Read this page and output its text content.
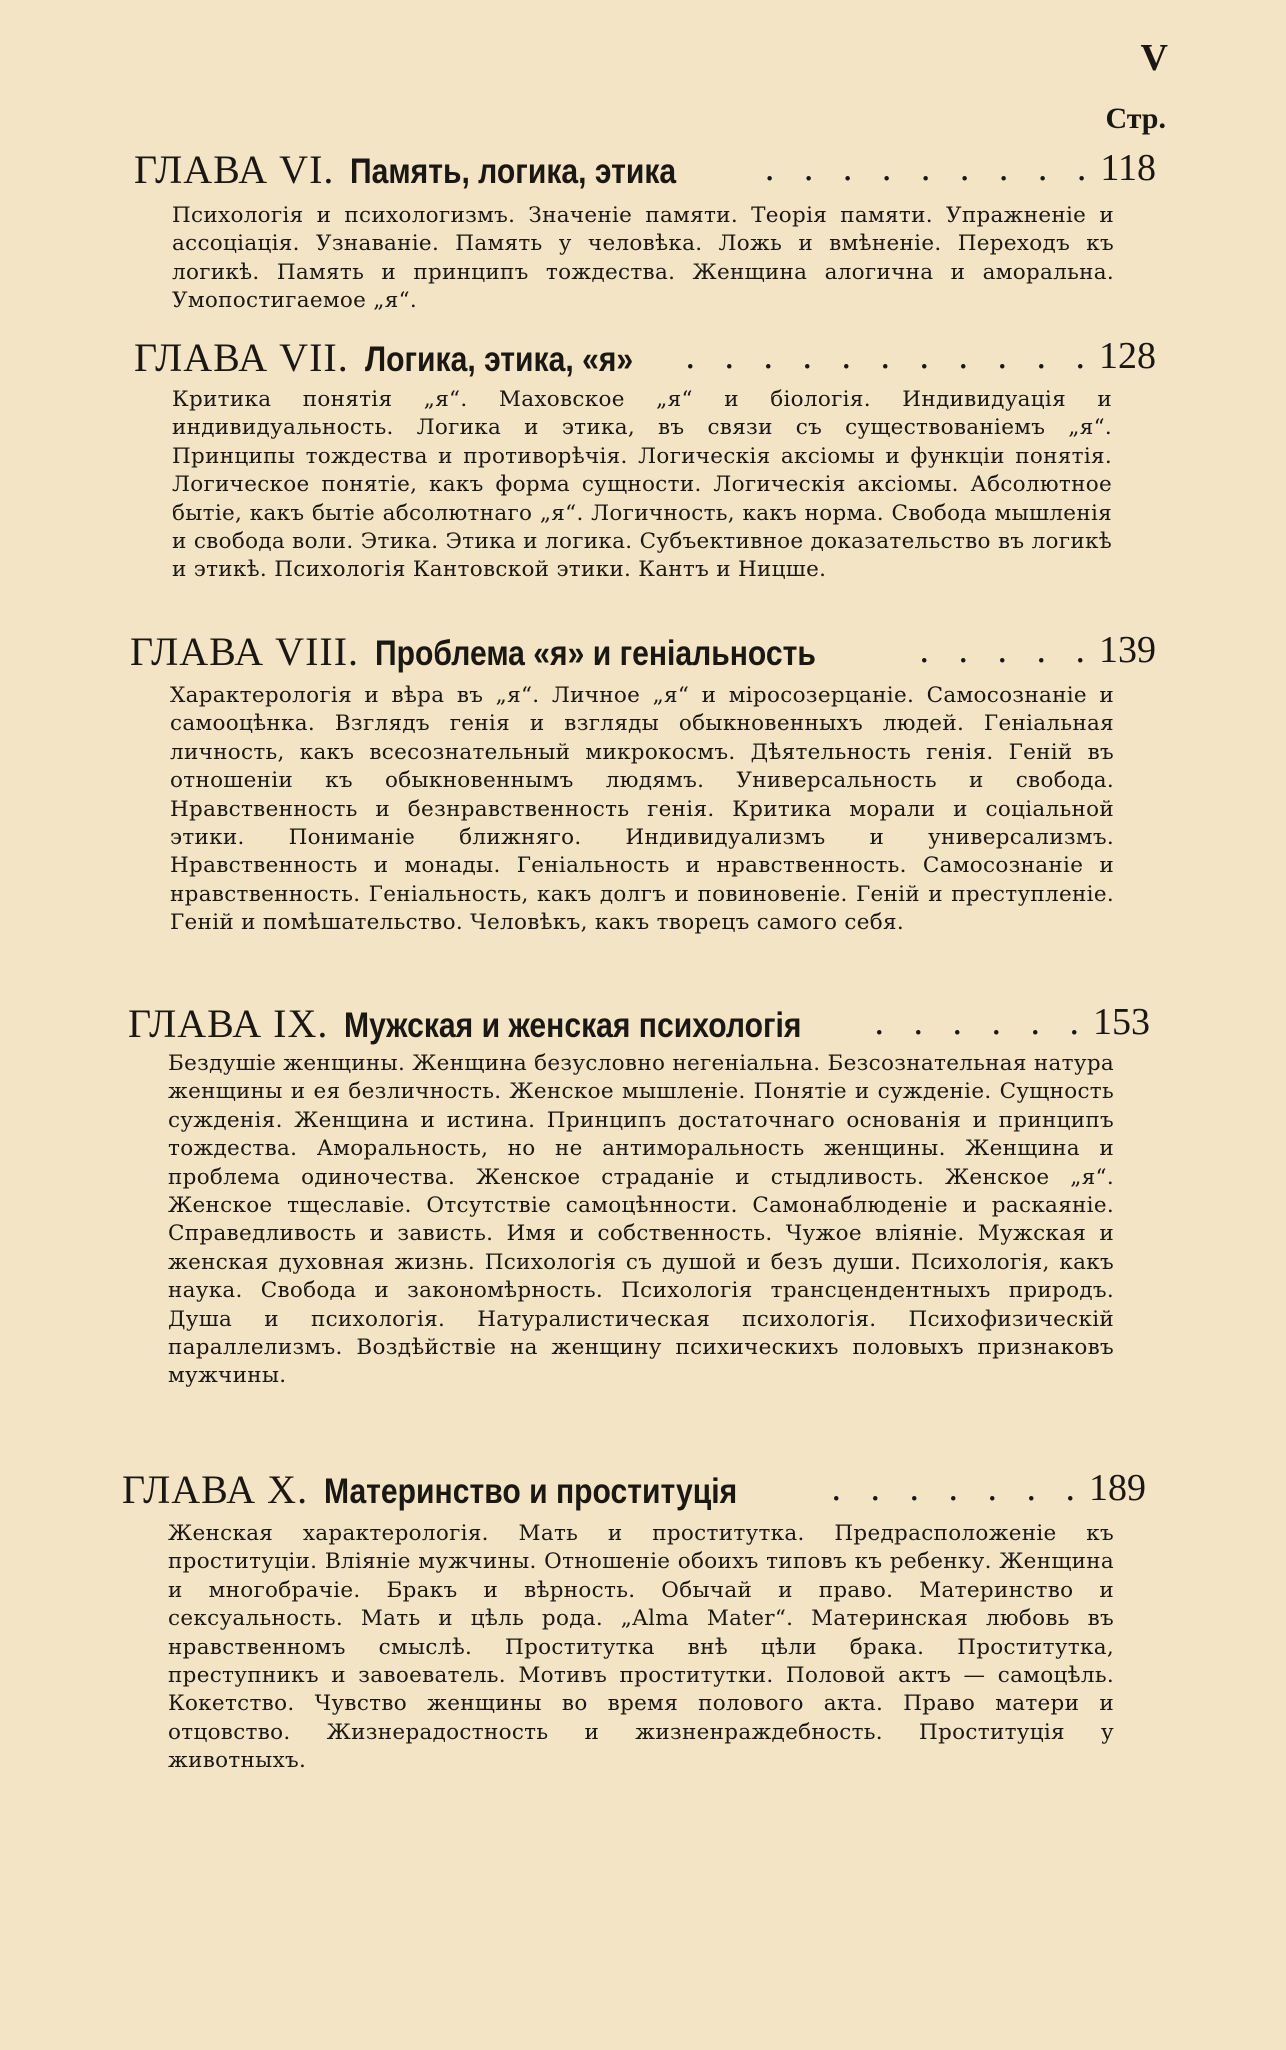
V
Стр.
ГЛАВА VI. Память, логика, этика . . . . . . . . . 118
Психологія и психологизмъ. Значеніе памяти. Теорія памяти. Упражненіе и ассоціація. Узнаваніе. Память у человѣка. Ложь и вмѣненіе. Переходъ къ логикѣ. Память и принципъ тождества. Женщина алогична и аморальна. Умопостигаемое „я“.
ГЛАВА VII. Логика, этика, «я» . . . . . . . . . . . 128
Критика понятія „я“. Маховское „я“ и біологія. Индивидуація и индивидуальность. Логика и этика, въ связи съ существованіемъ „я“. Принципы тождества и противорѣчія. Логическія аксіомы и функціи понятія. Логическое понятіе, какъ форма сущности. Логическія аксіомы. Абсолютное бытіе, какъ бытіе абсолютнаго „я“. Логичность, какъ норма. Свобода мышленія и свобода воли. Этика. Этика и логика. Субъективное доказательство въ логикѣ и этикѣ. Психологія Кантовской этики. Кантъ и Ницше.
ГЛАВА VIII. Проблема «я» и геніальность	. . . . . 139
Характерологія и вѣра въ „я“. Личное „я“ и міросозерцаніе. Самосознаніе и самооцѣнка. Взглядъ генія и взгляды обыкновенныхъ людей. Геніальная личность, какъ всесознательный микрокосмъ. Дѣятельность генія. Геній въ отношеніи къ обыкновеннымъ людямъ. Универсальность и свобода. Нравственность и безнравственность генія. Критика морали и соціальной этики. Пониманіе ближняго. Индивидуализмъ и универсализмъ. Нравственность и монады. Геніальность и нравственность. Самосознаніе и нравственность. Геніальность, какъ долгъ и повиновеніе. Геній и преступленіе. Геній и помѣшательство. Человѣкъ, какъ творецъ самого себя.
ГЛАВА IX. Мужская и женская психологія . . . . . . 153
Бездушіе женщины. Женщина безусловно негеніальна. Безсознательная натура женщины и ея безличность. Женское мышленіе. Понятіе и сужденіе. Сущность сужденія. Женщина и истина. Принципъ достаточнаго основанія и принципъ тождества. Аморальность, но не антиморальность женщины. Женщина и проблема одиночества. Женское страданіе и стыдливость. Женское „я“. Женское тщеславіе. Отсутствіе самоцѣнности. Самонаблюденіе и раскаяніе. Справедливость и зависть. Имя и собственность. Чужое вліяніе. Мужская и женская духовная жизнь. Психологія съ душой и безъ души. Психологія, какъ наука. Свобода и закономѣрность. Психологія трансцендентныхъ природъ. Душа и психологія. Натуралистическая психологія. Психофизическій параллелизмъ. Воздѣйствіе на женщину психическихъ половыхъ признаковъ мужчины.
ГЛАВА X. Материнство и проституція . . . . . . . 189
Женская характерологія. Мать и проститутка. Предрасположеніе къ проституціи. Вліяніе мужчины. Отношеніе обоихъ типовъ къ ребенку. Женщина и многобрачіе. Бракъ и вѣрность. Обычай и право. Материнство и сексуальность. Мать и цѣль рода. „Alma Mater“. Материнская любовь въ нравственномъ смыслѣ. Проститутка внѣ цѣли брака. Проститутка, преступникъ и завоеватель. Мотивъ проститутки. Половой актъ — самоцѣль. Кокетство. Чувство женщины во время полового акта. Право матери и отцовство. Жизнерадостность и жизненраждебность. Проституція у животныхъ.
